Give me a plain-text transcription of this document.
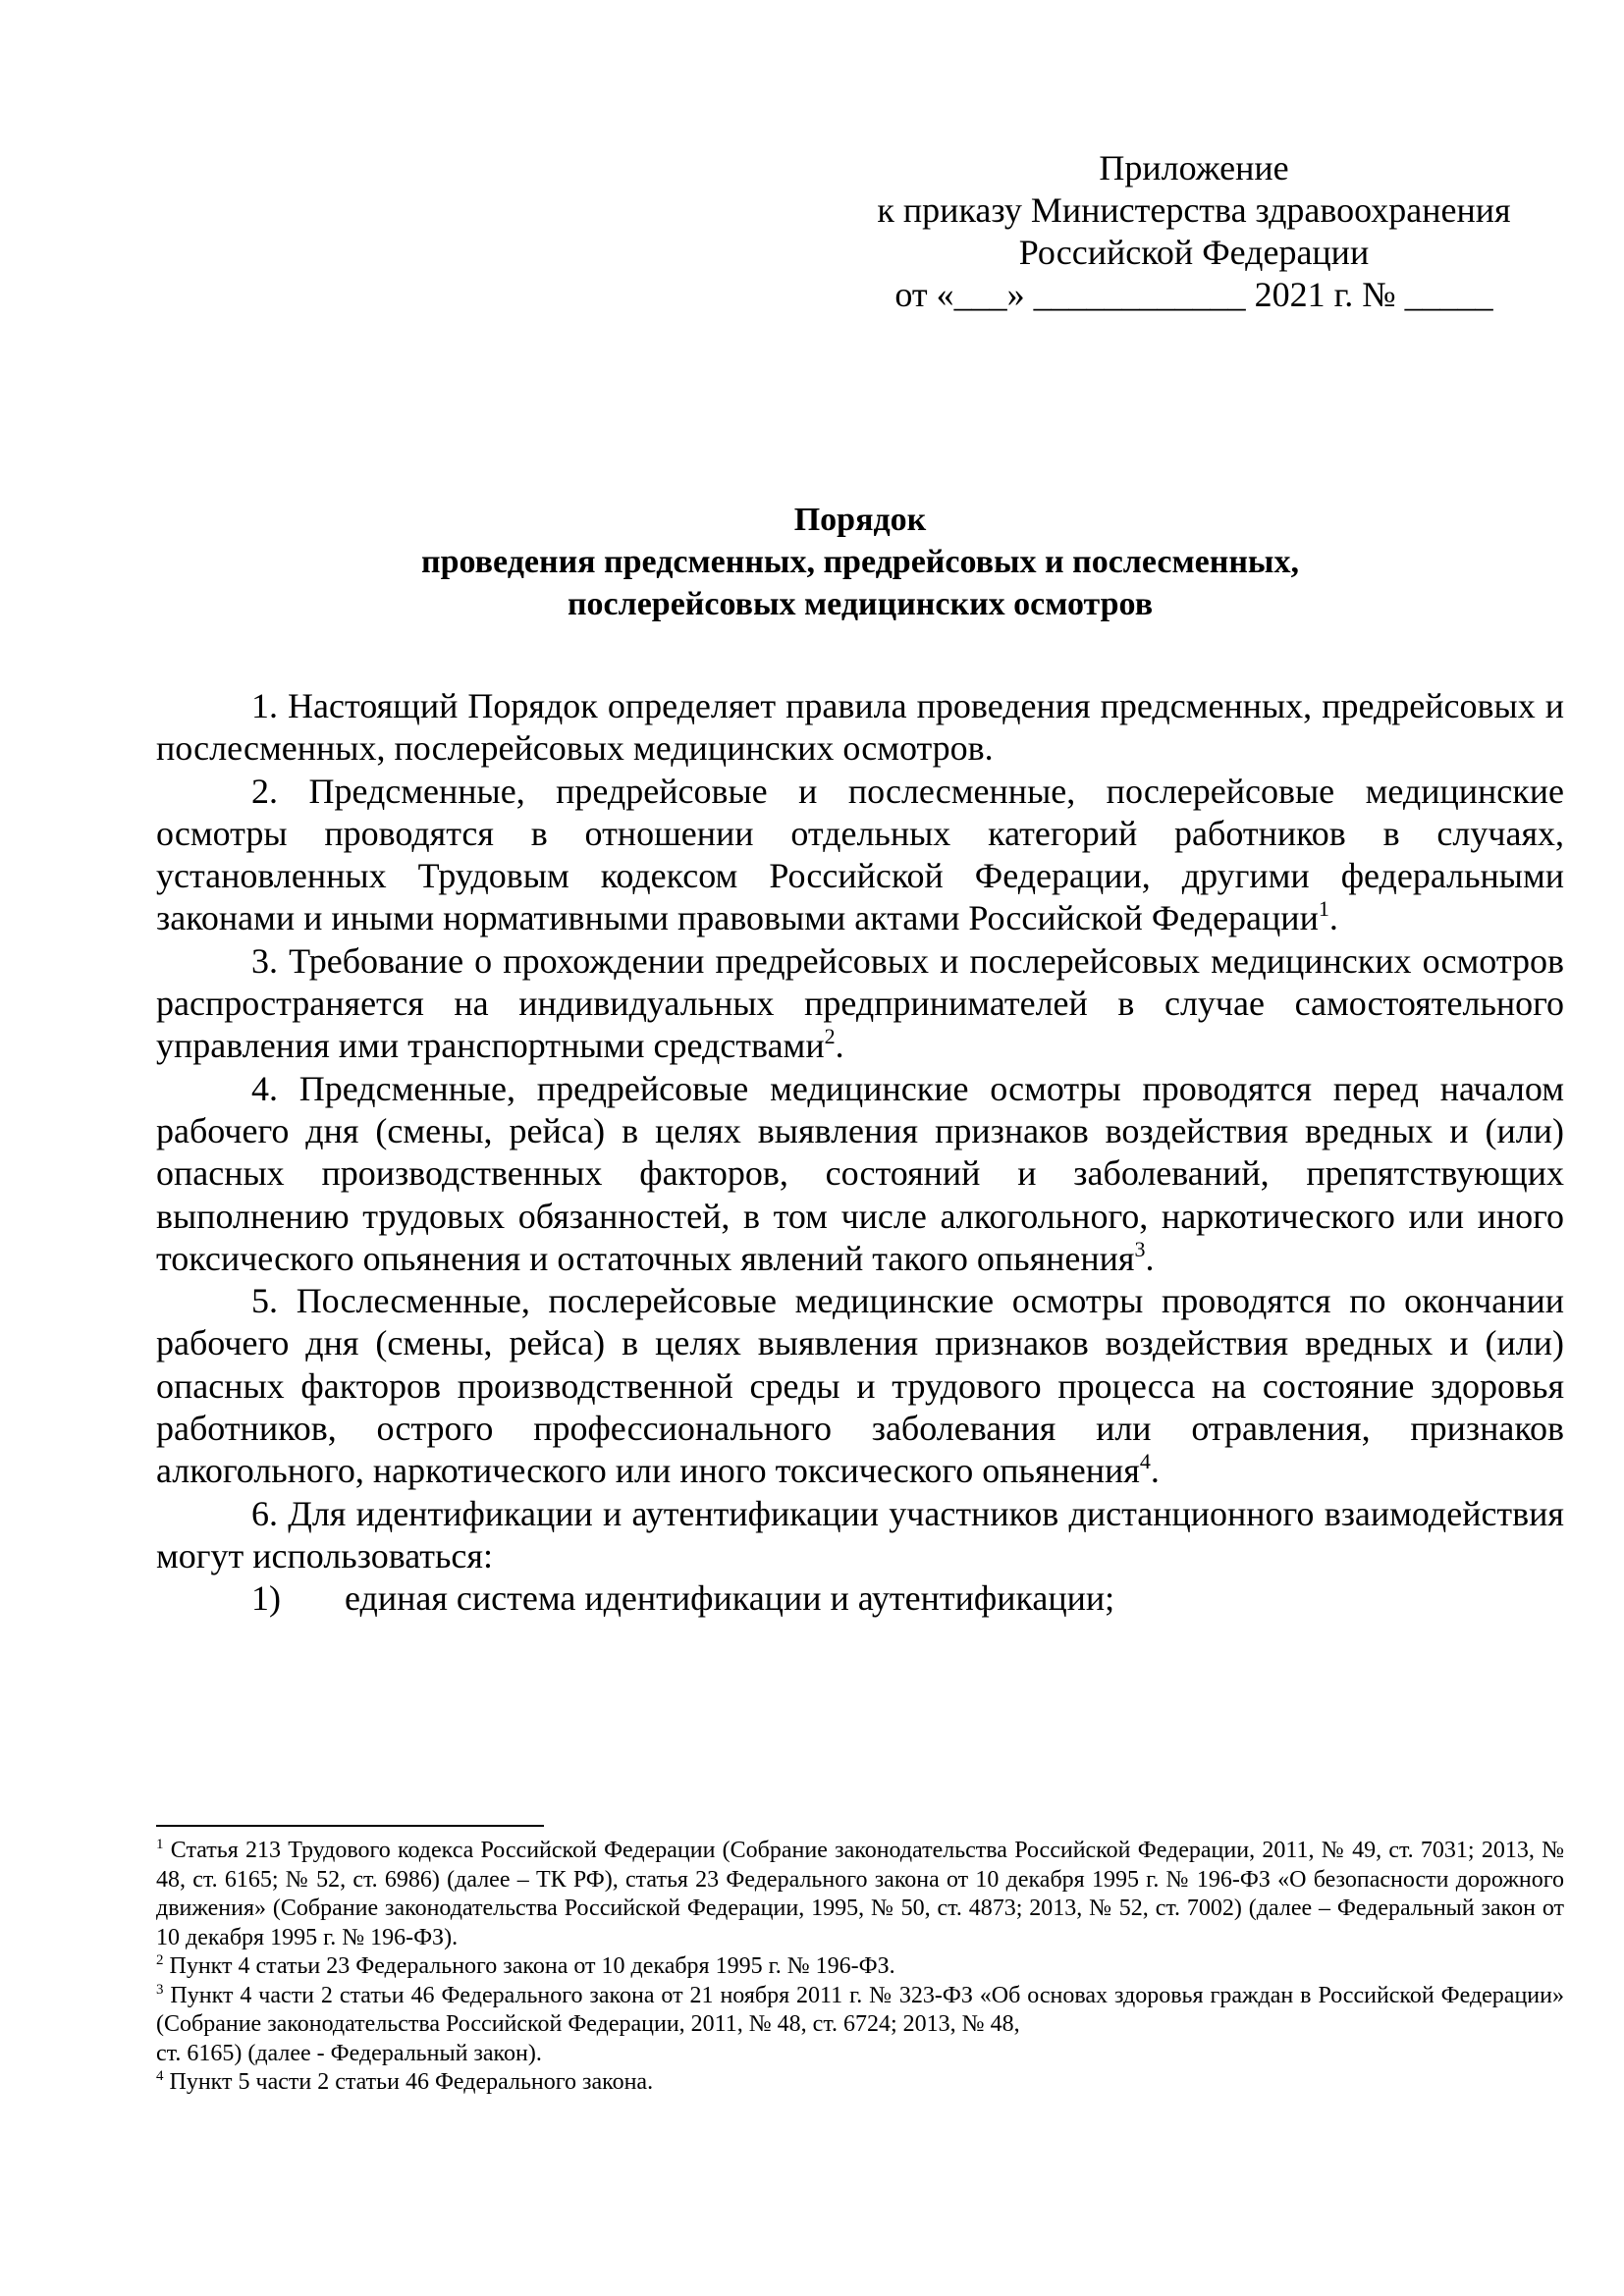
Приложение
к приказу Министерства здравоохранения
Российской Федерации
от «___» ____________ 2021 г. № _____
Порядок
проведения предсменных, предрейсовых и послесменных,
послерейсовых медицинских осмотров

1. Настоящий Порядок определяет правила проведения предсменных, предрейсовых и послесменных, послерейсовых медицинских осмотров.

2. Предсменные, предрейсовые и послесменные, послерейсовые медицинские осмотры проводятся в отношении отдельных категорий работников в случаях, установленных Трудовым кодексом Российской Федерации, другими федеральными законами и иными нормативными правовыми актами Российской Федерации$^1$.

3. Требование о прохождении предрейсовых и послерейсовых медицинских осмотров распространяется на индивидуальных предпринимателей в случае самостоятельного управления ими транспортными средствами$^2$.

4. Предсменные, предрейсовые медицинские осмотры проводятся перед началом рабочего дня (смены, рейса) в целях выявления признаков воздействия вредных и (или) опасных производственных факторов, состояний и заболеваний, препятствующих выполнению трудовых обязанностей, в том числе алкогольного, наркотического или иного токсического опьянения и остаточных явлений такого опьянения$^3$.

5. Послесменные, послерейсовые медицинские осмотры проводятся по окончании рабочего дня (смены, рейса) в целях выявления признаков воздействия вредных и (или) опасных факторов производственной среды и трудового процесса на состояние здоровья работников, острого профессионального заболевания или отравления, признаков алкогольного, наркотического или иного токсического опьянения$^4$.

6. Для идентификации и аутентификации участников дистанционного взаимодействия могут использоваться:

1) единая система идентификации и аутентификации;

$^1$ Статья 213 Трудового кодекса Российской Федерации (Собрание законодательства Российской Федерации, 2011, № 49, ст. 7031; 2013, № 48, ст. 6165; № 52, ст. 6986) (далее – ТК РФ), статья 23 Федерального закона от 10 декабря 1995 г. № 196-ФЗ «О безопасности дорожного движения» (Собрание законодательства Российской Федерации, 1995, № 50, ст. 4873; 2013, № 52, ст. 7002) (далее – Федеральный закон от 10 декабря 1995 г. № 196-ФЗ).

$^2$ Пункт 4 статьи 23 Федерального закона от 10 декабря 1995 г. № 196-ФЗ.

$^3$ Пункт 4 части 2 статьи 46 Федерального закона от 21 ноября 2011 г. № 323-ФЗ «Об основах здоровья граждан в Российской Федерации» (Собрание законодательства Российской Федерации, 2011, № 48, ст. 6724; 2013, № 48,

ст. 6165) (далее - Федеральный закон).

$^4$ Пункт 5 части 2 статьи 46 Федерального закона.
